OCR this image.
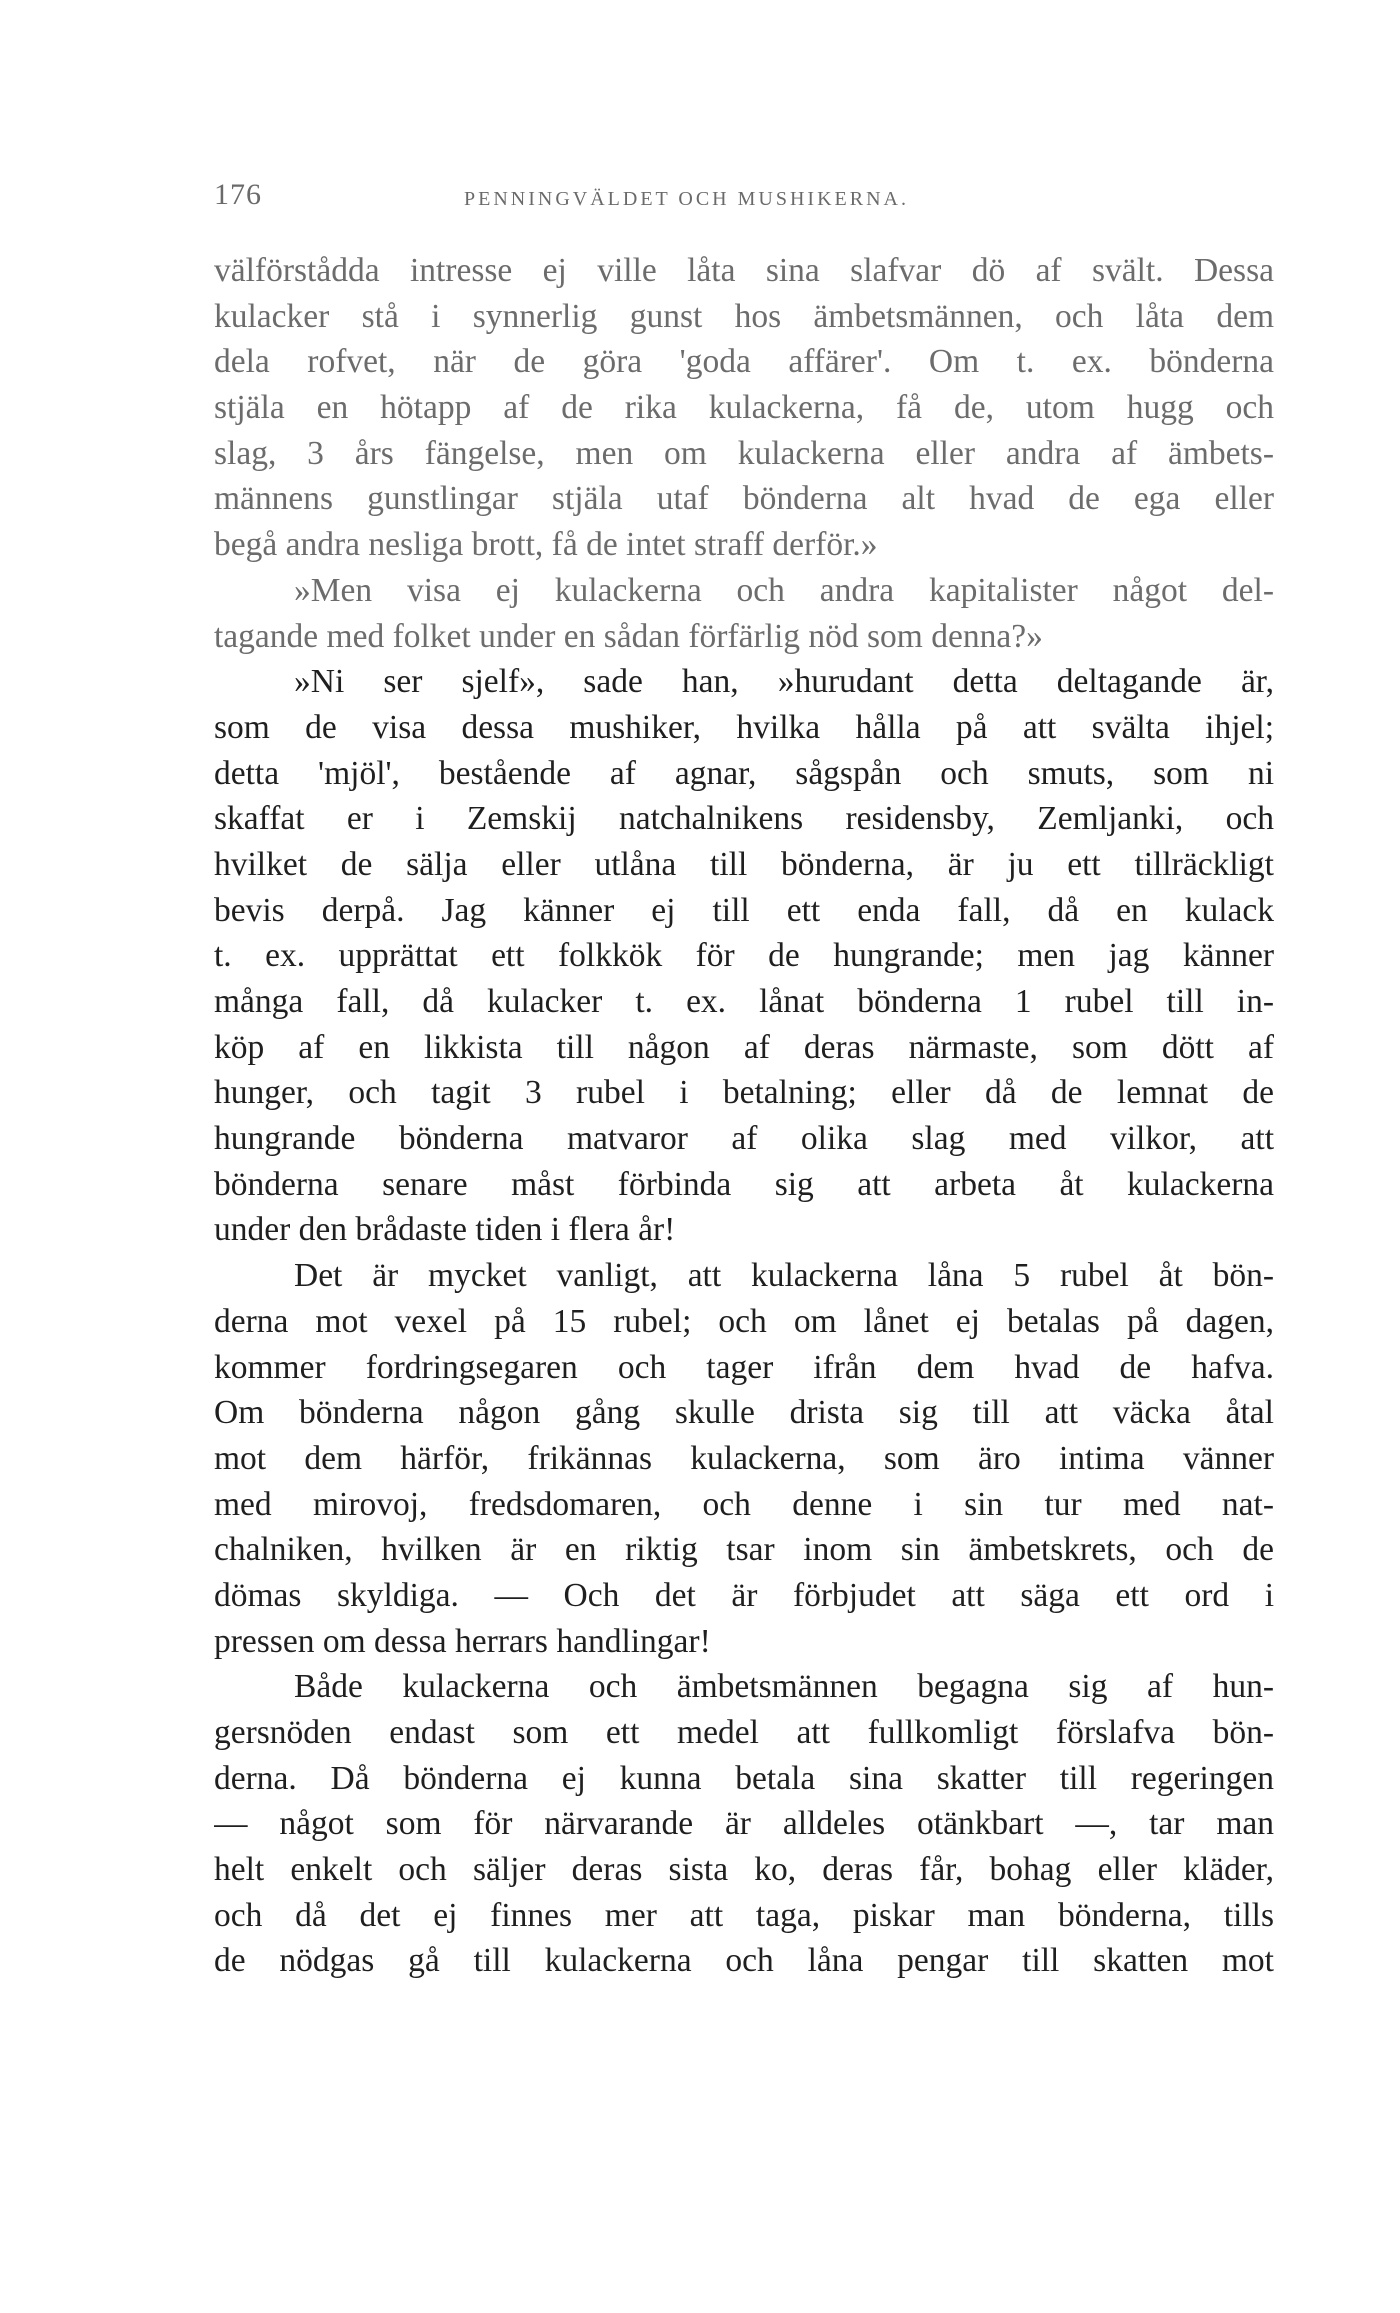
176	PENNINGVÄLDET OCH MUSHIKERNA.
välförstådda intresse ej ville låta sina slafvar dö af svält. Dessa
kulacker stå i synnerlig gunst hos ämbetsmännen, och låta dem
dela rofvet, när de göra 'goda affärer'. Om t. ex. bönderna
stjäla en hötapp af de rika kulackerna, få de, utom hugg och
slag, 3 års fängelse, men om kulackerna eller andra af ämbets-
männens gunstlingar stjäla utaf bönderna alt hvad de ega eller
begå andra nesliga brott, få de intet straff derför.»
»Men visa ej kulackerna och andra kapitalister något del-
tagande med folket under en sådan förfärlig nöd som denna?»
»Ni ser sjelf», sade han, »hurudant detta deltagande är,
som de visa dessa mushiker, hvilka hålla på att svälta ihjel;
detta 'mjöl', bestående af agnar, sågspån och smuts, som ni
skaffat er i Zemskij natchalnikens residensby, Zemljanki, och
hvilket de sälja eller utlåna till bönderna, är ju ett tillräckligt
bevis derpå. Jag känner ej till ett enda fall, då en kulack
t. ex. upprättat ett folkkök för de hungrande; men jag känner
många fall, då kulacker t. ex. lånat bönderna 1 rubel till in-
köp af en likkista till någon af deras närmaste, som dött af
hunger, och tagit 3 rubel i betalning; eller då de lemnat de
hungrande bönderna matvaror af olika slag med vilkor, att
bönderna senare måst förbinda sig att arbeta åt kulackerna
under den brådaste tiden i flera år!
Det är mycket vanligt, att kulackerna låna 5 rubel åt bön-
derna mot vexel på 15 rubel; och om lånet ej betalas på dagen,
kommer fordringsegaren och tager ifrån dem hvad de hafva.
Om bönderna någon gång skulle drista sig till att väcka åtal
mot dem härför, frikännas kulackerna, som äro intima vänner
med mirovoj, fredsdomaren, och denne i sin tur med nat-
chalniken, hvilken är en riktig tsar inom sin ämbetskrets, och de
dömas skyldiga. — Och det är förbjudet att säga ett ord i
pressen om dessa herrars handlingar!
Både kulackerna och ämbetsmännen begagna sig af hun-
gersnöden endast som ett medel att fullkomligt förslafva bön-
derna. Då bönderna ej kunna betala sina skatter till regeringen
— något som för närvarande är alldeles otänkbart —, tar man
helt enkelt och säljer deras sista ko, deras får, bohag eller kläder,
och då det ej finnes mer att taga, piskar man bönderna, tills
de nödgas gå till kulackerna och låna pengar till skatten mot
